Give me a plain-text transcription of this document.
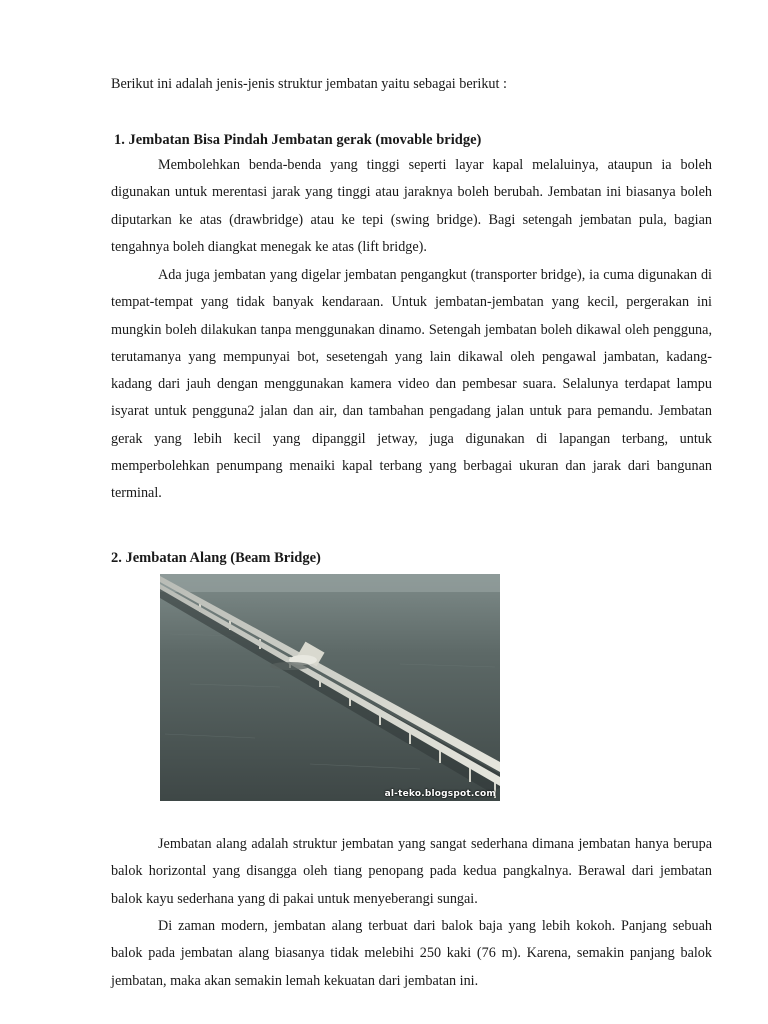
Berikut ini adalah jenis-jenis struktur jembatan yaitu sebagai berikut :

1. Jembatan Bisa Pindah Jembatan gerak (movable bridge)

Membolehkan benda-benda yang tinggi seperti layar kapal melaluinya, ataupun ia boleh digunakan untuk merentasi jarak yang tinggi atau jaraknya boleh berubah. Jembatan ini biasanya boleh diputarkan ke atas (drawbridge) atau ke tepi (swing bridge). Bagi setengah jembatan pula, bagian tengahnya boleh diangkat menegak ke atas (lift bridge).

Ada juga jembatan yang digelar jembatan pengangkut (transporter bridge), ia cuma digunakan di tempat-tempat yang tidak banyak kendaraan. Untuk jembatan-jembatan yang kecil, pergerakan ini mungkin boleh dilakukan tanpa menggunakan dinamo. Setengah jembatan boleh dikawal oleh pengguna, terutamanya yang mempunyai bot, sesetengah yang lain dikawal oleh pengawal jambatan, kadang-kadang dari jauh dengan menggunakan kamera video dan pembesar suara. Selalunya terdapat lampu isyarat untuk pengguna2 jalan dan air, dan tambahan pengadang jalan untuk para pemandu. Jembatan gerak yang lebih kecil yang dipanggil jetway, juga digunakan di lapangan terbang, untuk memperbolehkan penumpang menaiki kapal terbang yang berbagai ukuran dan jarak dari bangunan terminal.

2. Jembatan Alang (Beam Bridge)

al-teko.blogspot.com

Jembatan alang adalah struktur jembatan yang sangat sederhana dimana jembatan hanya berupa balok horizontal yang disangga oleh tiang penopang pada kedua pangkalnya. Berawal dari jembatan balok kayu sederhana yang di pakai untuk menyeberangi sungai.

Di zaman modern, jembatan alang terbuat dari balok baja yang lebih kokoh. Panjang sebuah balok pada jembatan alang biasanya tidak melebihi 250 kaki (76 m). Karena, semakin panjang balok jembatan, maka akan semakin lemah kekuatan dari jembatan ini.
